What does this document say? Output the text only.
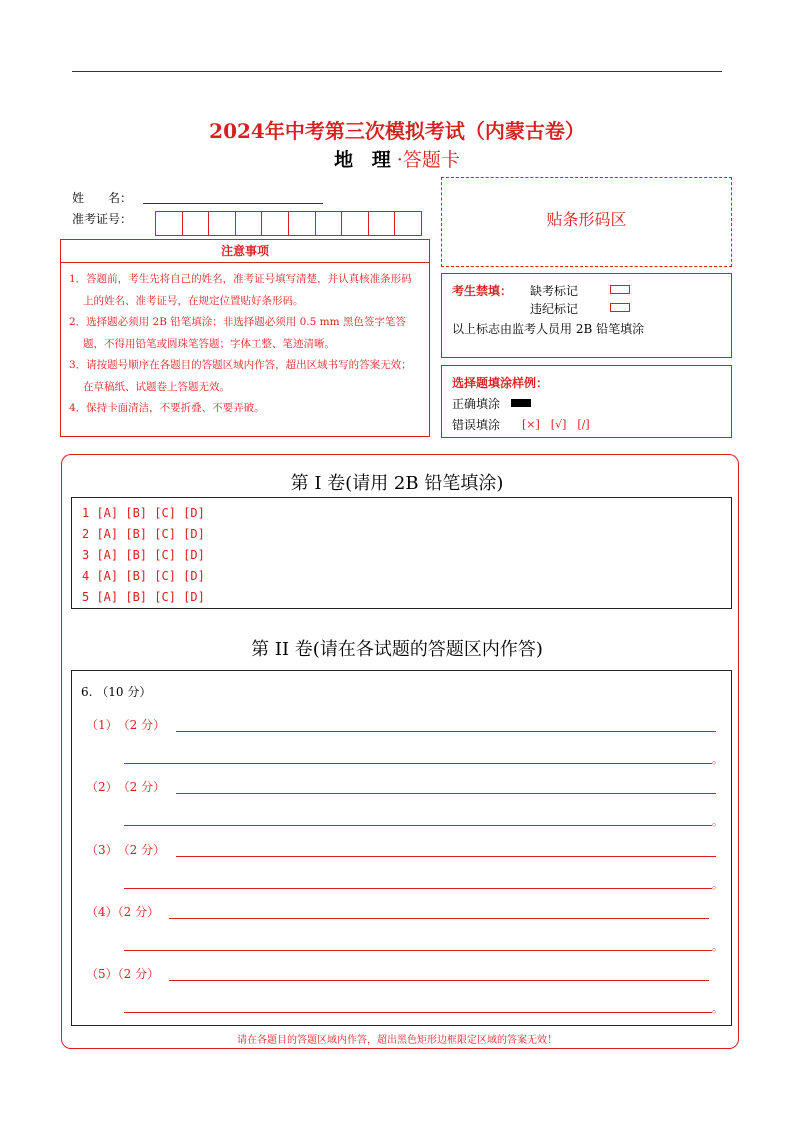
2024年中考第三次模拟考试（内蒙古卷）
地 理·答题卡
姓　　名：
准考证号：
注意事项
1．答题前，考生先将自己的姓名，准考证号填写清楚，并认真核准条形码上的姓名、准考证号，在规定位置贴好条形码。
2．选择题必须用 2B 铅笔填涂；非选择题必须用 0.5 mm 黑色签字笔答题，不得用铅笔或圆珠笔答题；字体工整、笔迹清晰。
3．请按题号顺序在各题目的答题区域内作答，超出区域书写的答案无效；在草稿纸、试题卷上答题无效。
4．保持卡面清洁，不要折叠、不要弄破。
贴条形码区
考生禁填： 缺考标记
违纪标记
以上标志由监考人员用 2B 铅笔填涂
选择题填涂样例：
正确填涂
错误填涂 [×]　[√]　[/]
第 I 卷(请用 2B 铅笔填涂)
1 [A] [B] [C] [D]
2 [A] [B] [C] [D]
3 [A] [B] [C] [D]
4 [A] [B] [C] [D]
5 [A] [B] [C] [D]
第 II 卷(请在各试题的答题区内作答)
6. （10 分）
（1）　（2 分）
。
（2）　（2 分）
。
（3）　（2 分）
。
（4）（2 分）
。
（5）（2 分）
。
请在各题目的答题区域内作答，超出黑色矩形边框限定区域的答案无效！
